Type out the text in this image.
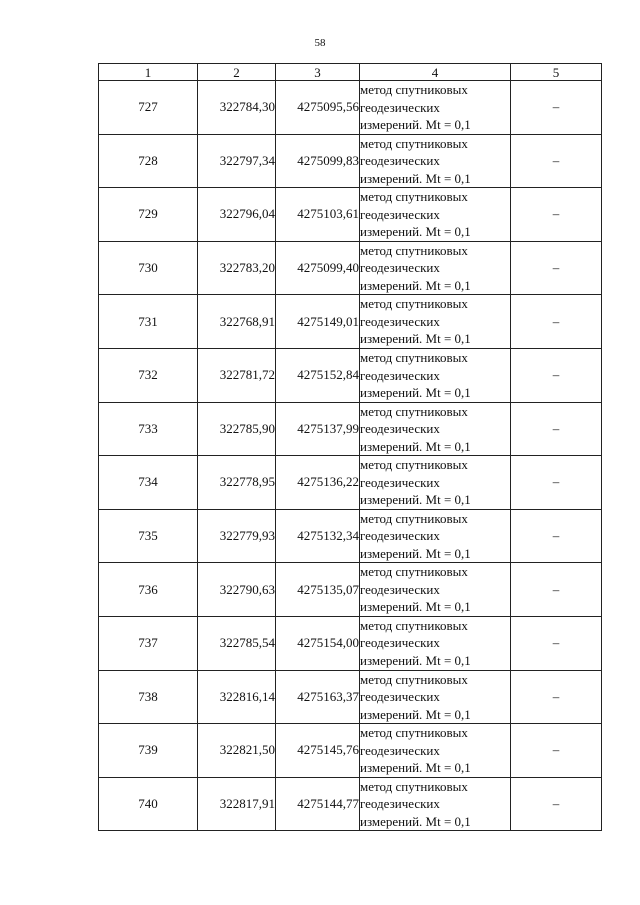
58
1	2	3	4	5
727	322784,30	4275095,56	метод спутниковых
геодезических
измерений. Mt = 0,1	–
728	322797,34	4275099,83	метод спутниковых
геодезических
измерений. Mt = 0,1	–
729	322796,04	4275103,61	метод спутниковых
геодезических
измерений. Mt = 0,1	–
730	322783,20	4275099,40	метод спутниковых
геодезических
измерений. Mt = 0,1	–
731	322768,91	4275149,01	метод спутниковых
геодезических
измерений. Mt = 0,1	–
732	322781,72	4275152,84	метод спутниковых
геодезических
измерений. Mt = 0,1	–
733	322785,90	4275137,99	метод спутниковых
геодезических
измерений. Mt = 0,1	–
734	322778,95	4275136,22	метод спутниковых
геодезических
измерений. Mt = 0,1	–
735	322779,93	4275132,34	метод спутниковых
геодезических
измерений. Mt = 0,1	–
736	322790,63	4275135,07	метод спутниковых
геодезических
измерений. Mt = 0,1	–
737	322785,54	4275154,00	метод спутниковых
геодезических
измерений. Mt = 0,1	–
738	322816,14	4275163,37	метод спутниковых
геодезических
измерений. Mt = 0,1	–
739	322821,50	4275145,76	метод спутниковых
геодезических
измерений. Mt = 0,1	–
740	322817,91	4275144,77	метод спутниковых
геодезических
измерений. Mt = 0,1	–
